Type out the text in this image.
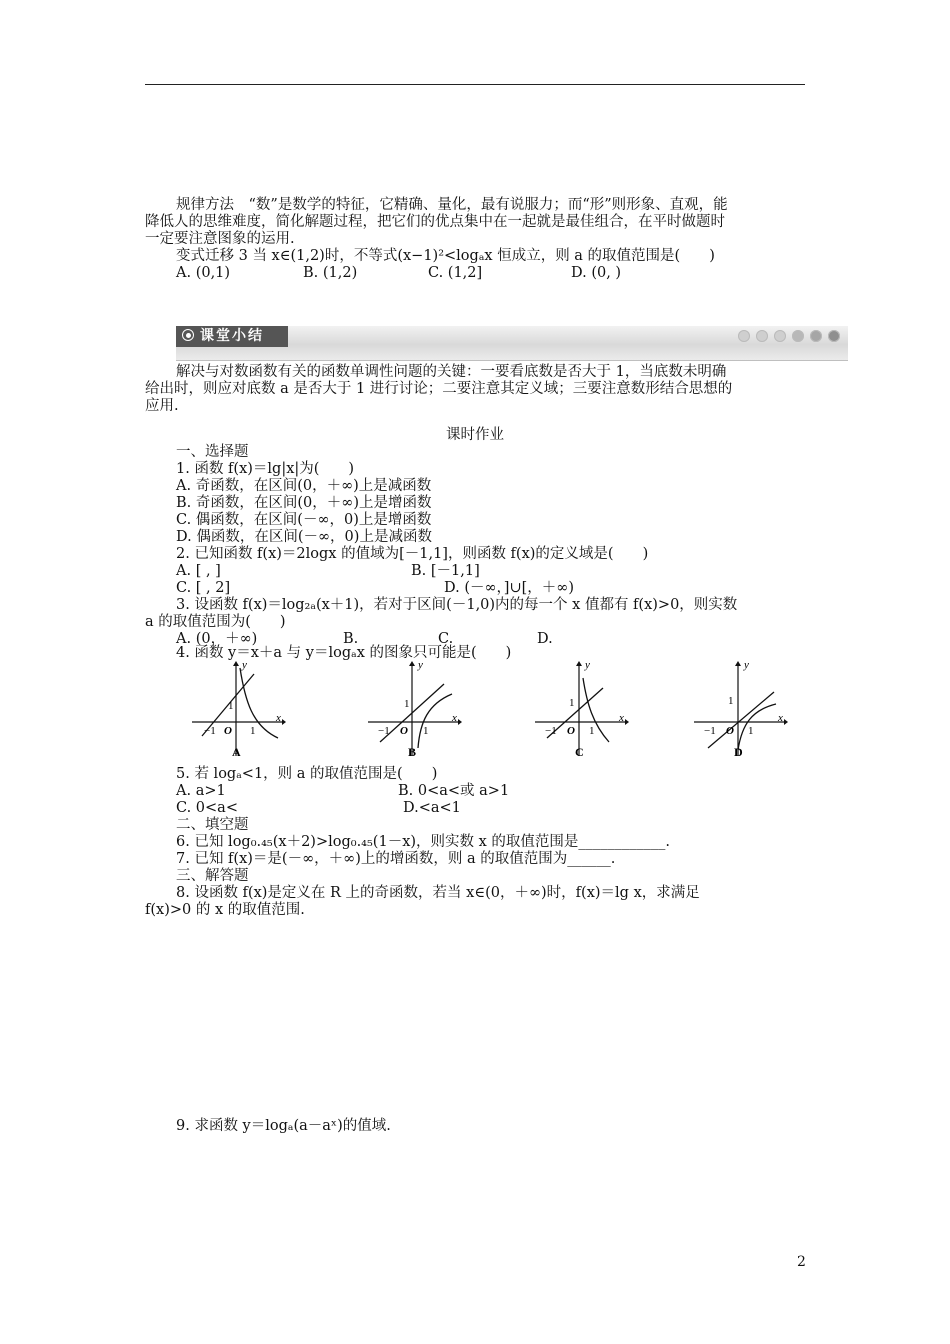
规律方法　“数”是数学的特征，它精确、量化，最有说服力；而“形”则形象、直观，能
降低人的思维难度，简化解题过程，把它们的优点集中在一起就是最佳组合，在平时做题时
一定要注意图象的运用.
变式迁移 3 当 x∈(1,2)时，不等式(x−1)²<logₐx 恒成立，则 a 的取值范围是(　　)
A. (0,1)	B. (1,2)	C. (1,2]	D. (0, )
课堂小结
解决与对数函数有关的函数单调性问题的关键：一要看底数是否大于 1，当底数未明确
给出时，则应对底数 a 是否大于 1 进行讨论；二要注意其定义域；三要注意数形结合思想的
应用.
课时作业
一、选择题
1. 函数 f(x)＝lg|x|为(　　)
A. 奇函数，在区间(0，＋∞)上是减函数
B. 奇函数，在区间(0，＋∞)上是增函数
C. 偶函数，在区间(－∞，0)上是增函数
D. 偶函数，在区间(－∞，0)上是减函数
2. 已知函数 f(x)＝2logx 的值域为[－1,1]，则函数 f(x)的定义域是(　　)
A. [ , ]	B. [－1,1]
C. [ , 2]	D. (－∞，]∪[，＋∞)
3. 设函数 f(x)＝log₂ₐ(x＋1)，若对于区间(－1,0)内的每一个 x 值都有 f(x)>0，则实数
a 的取值范围为(　　)
A. (0，＋∞)	B.	C.	D.
4. 函数 y＝x＋a 与 y＝logₐx 的图象只可能是(　　)
y
x
1
−1 O 1
A
y
x
1
−1 O 1
B
y
x
1
−1 O 1
C
y
x
1
−1 O 1
D
5. 若 logₐ<1，则 a 的取值范围是(　　)
A. a>1	B. 0<a<或 a>1
C. 0<a<	D.<a<1
二、填空题
6. 已知 log₀.₄₅(x＋2)>log₀.₄₅(1－x)，则实数 x 的取值范围是____________.
7. 已知 f(x)＝是(－∞，＋∞)上的增函数，则 a 的取值范围为______.
三、解答题
8. 设函数 f(x)是定义在 R 上的奇函数，若当 x∈(0，＋∞)时，f(x)＝lg x，求满足
f(x)>0 的 x 的取值范围.
9. 求函数 y＝logₐ(a－aˣ)的值域.
2
